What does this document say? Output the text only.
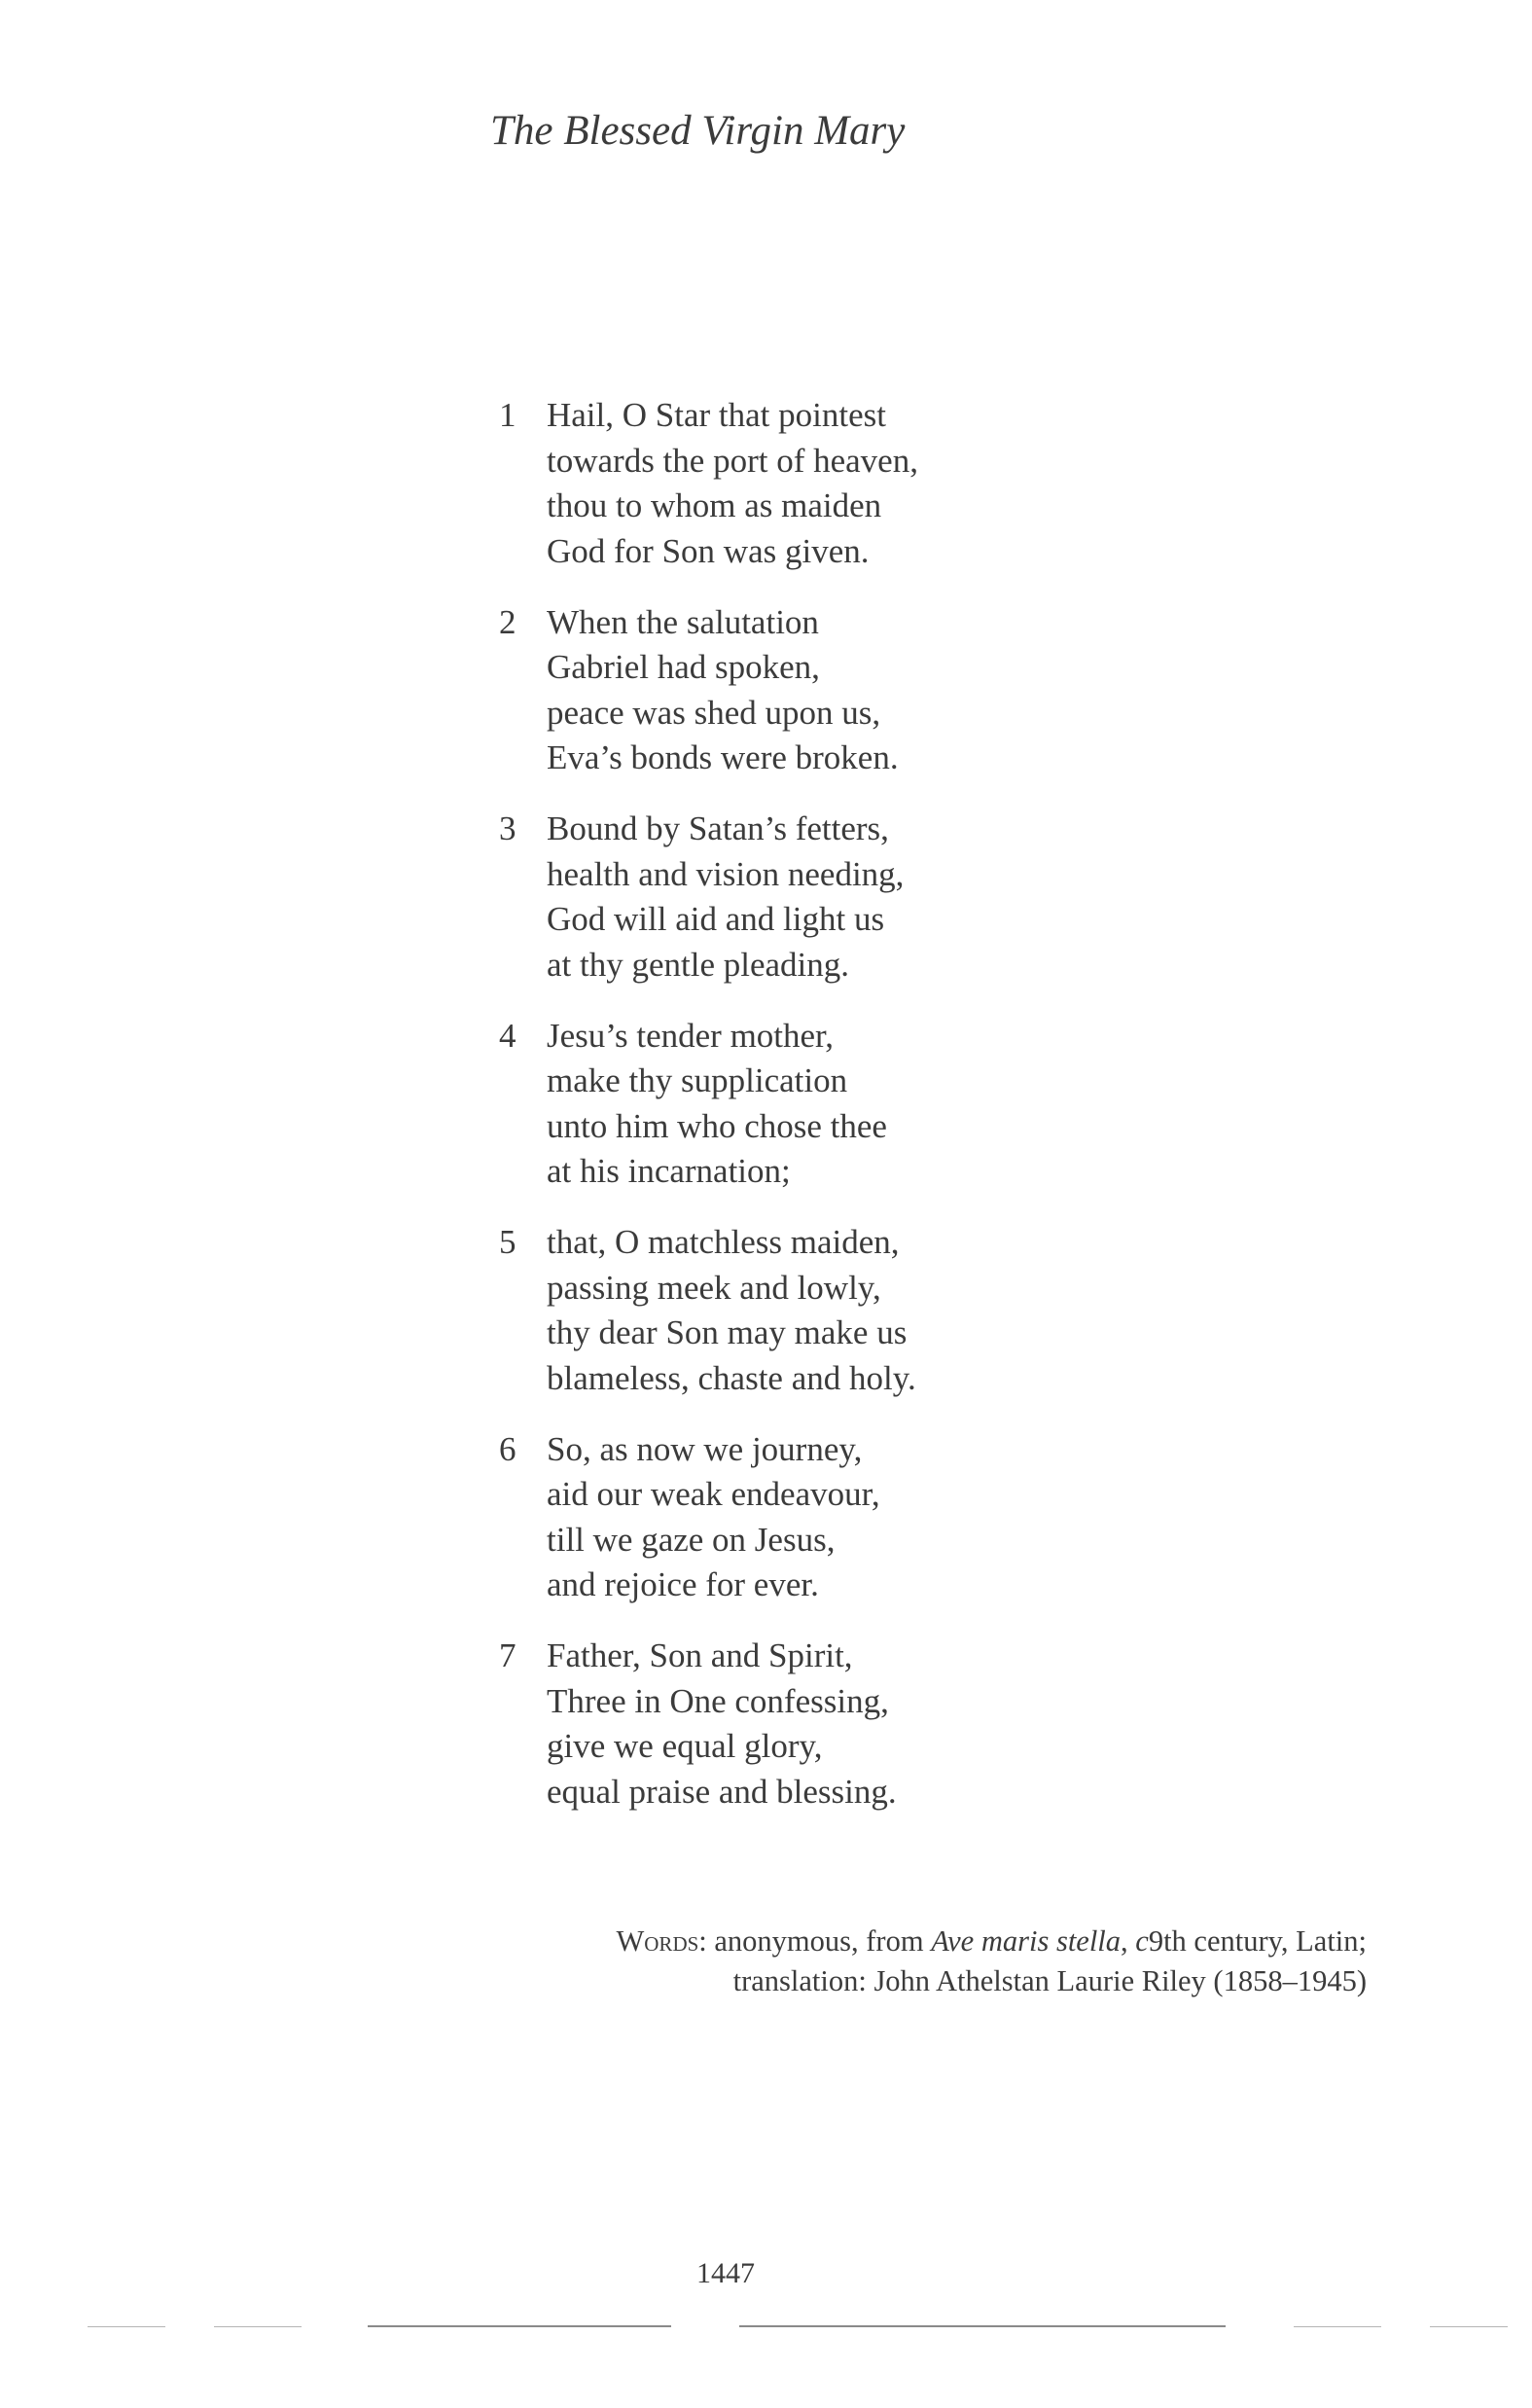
The Blessed Virgin Mary
1 Hail, O Star that pointest
towards the port of heaven,
thou to whom as maiden
God for Son was given.
2 When the salutation
Gabriel had spoken,
peace was shed upon us,
Eva’s bonds were broken.
3 Bound by Satan’s fetters,
health and vision needing,
God will aid and light us
at thy gentle pleading.
4 Jesu’s tender mother,
make thy supplication
unto him who chose thee
at his incarnation;
5 that, O matchless maiden,
passing meek and lowly,
thy dear Son may make us
blameless, chaste and holy.
6 So, as now we journey,
aid our weak endeavour,
till we gaze on Jesus,
and rejoice for ever.
7 Father, Son and Spirit,
Three in One confessing,
give we equal glory,
equal praise and blessing.
Words: anonymous, from Ave maris stella, c9th century, Latin;
translation: John Athelstan Laurie Riley (1858–1945)
1447
